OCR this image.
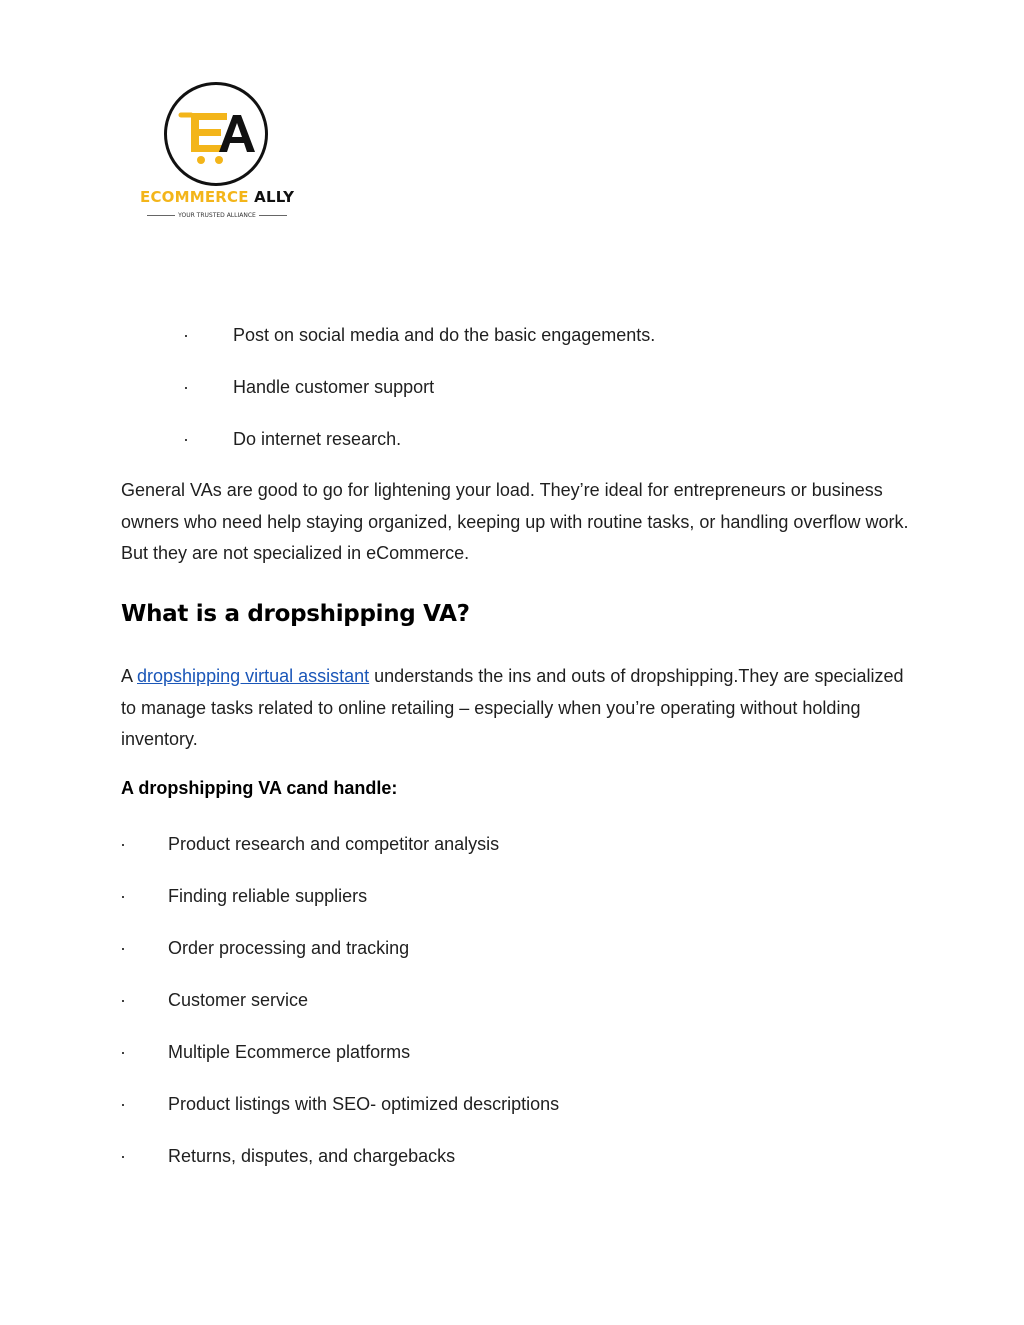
ECOMMERCE ALLY
YOUR TRUSTED ALLIANCE
· Post on social media and do the basic engagements.
· Handle customer support
· Do internet research.

General VAs are good to go for lightening your load. They’re ideal for entrepreneurs or business owners who need help staying organized, keeping up with routine tasks, or handling overflow work. But they are not specialized in eCommerce.

What is a dropshipping VA?

A dropshipping virtual assistant understands the ins and outs of dropshipping.They are specialized to manage tasks related to online retailing – especially when you’re operating without holding inventory.

A dropshipping VA cand handle:
· Product research and competitor analysis
· Finding reliable suppliers
· Order processing and tracking
· Customer service
· Multiple Ecommerce platforms
· Product listings with SEO- optimized descriptions
· Returns, disputes, and chargebacks
